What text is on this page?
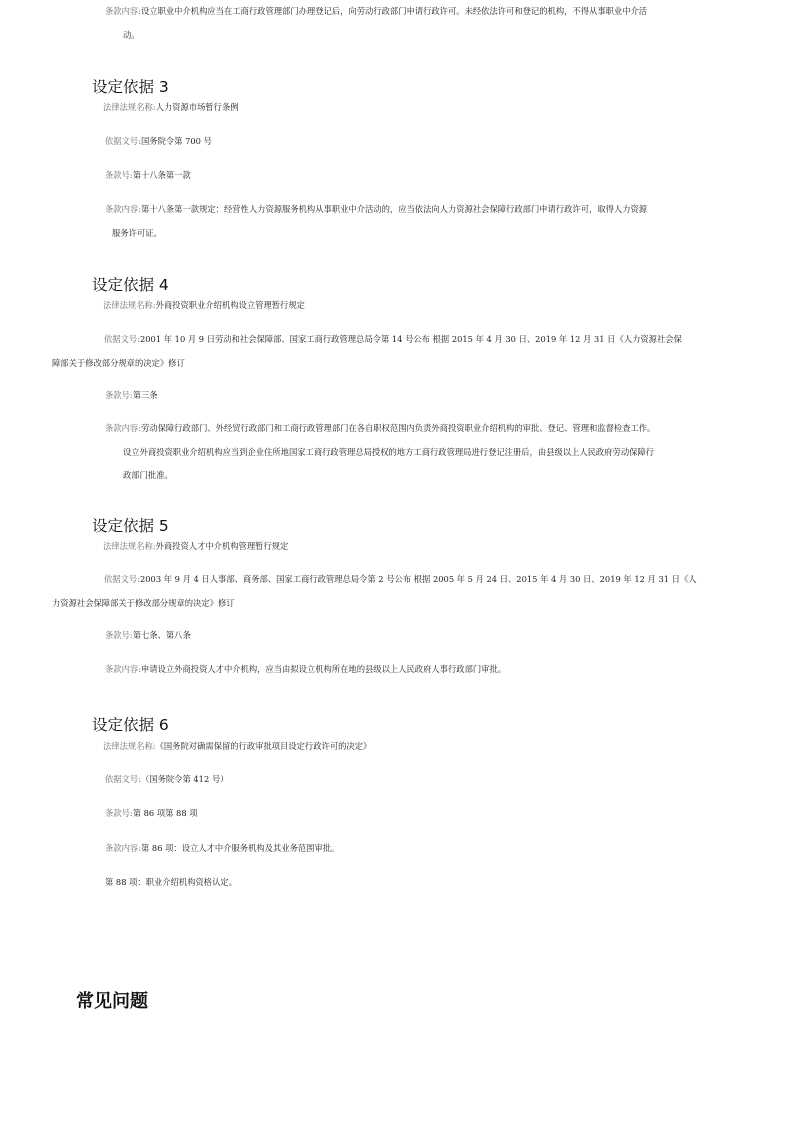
条款内容:设立职业中介机构应当在工商行政管理部门办理登记后，向劳动行政部门申请行政许可。未经依法许可和登记的机构，不得从事职业中介活
动。
设定依据 3
法律法规名称:人力资源市场暂行条例
依据文号:国务院令第 700 号
条款号:第十八条第一款
条款内容:第十八条第一款规定：经营性人力资源服务机构从事职业中介活动的，应当依法向人力资源社会保障行政部门申请行政许可，取得人力资源
服务许可证。
设定依据 4
法律法规名称:外商投资职业介绍机构设立管理暂行规定
依据文号:2001 年 10 月 9 日劳动和社会保障部、国家工商行政管理总局令第 14 号公布 根据 2015 年 4 月 30 日、2019 年 12 月 31 日《人力资源社会保
障部关于修改部分规章的决定》修订
条款号:第三条
条款内容:劳动保障行政部门、外经贸行政部门和工商行政管理部门在各自职权范围内负责外商投资职业介绍机构的审批、登记、管理和监督检查工作。
设立外商投资职业介绍机构应当到企业住所地国家工商行政管理总局授权的地方工商行政管理局进行登记注册后，由县级以上人民政府劳动保障行
政部门批准。
设定依据 5
法律法规名称:外商投资人才中介机构管理暂行规定
依据文号:2003 年 9 月 4 日人事部、商务部、国家工商行政管理总局令第 2 号公布 根据 2005 年 5 月 24 日、2015 年 4 月 30 日、2019 年 12 月 31 日《人
力资源社会保障部关于修改部分规章的决定》修订
条款号:第七条、第八条
条款内容:申请设立外商投资人才中介机构，应当由拟设立机构所在地的县级以上人民政府人事行政部门审批。
设定依据 6
法律法规名称:《国务院对确需保留的行政审批项目设定行政许可的决定》
依据文号:（国务院令第 412 号）
条款号:第 86 项第 88 项
条款内容:第 86 项：设立人才中介服务机构及其业务范围审批。
第 88 项：职业介绍机构资格认定。
常见问题
